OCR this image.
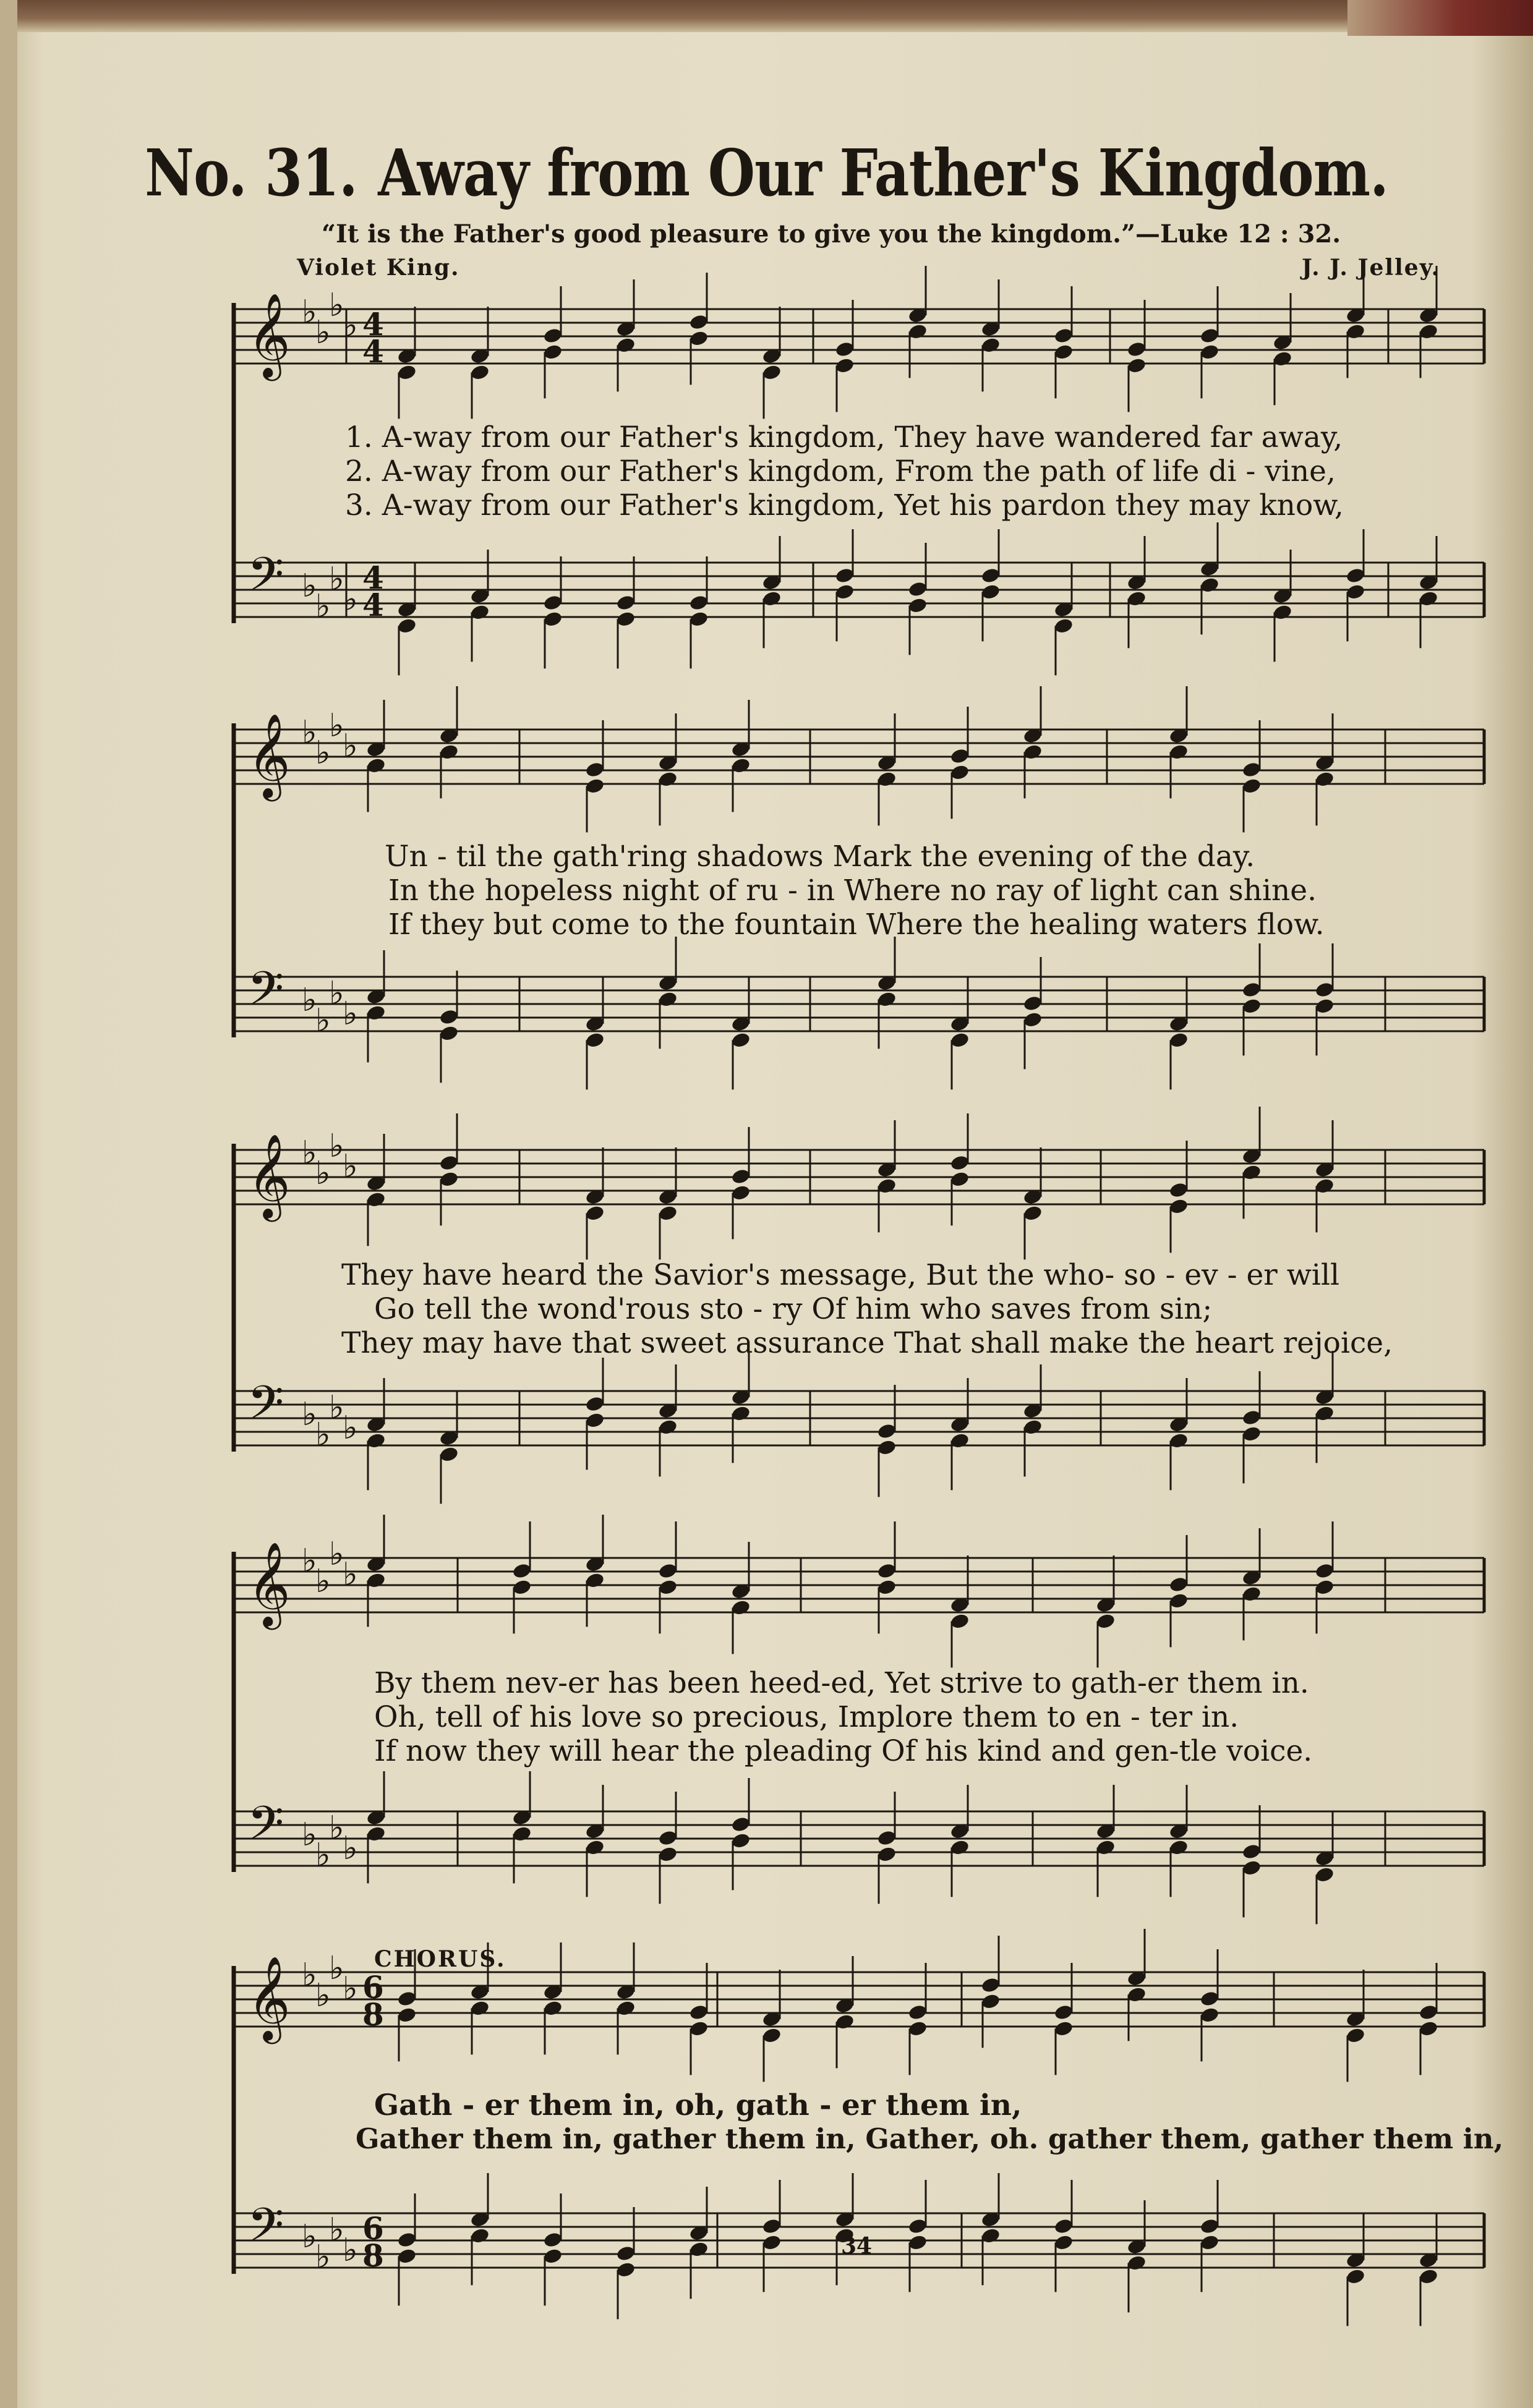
No. 31. Away from Our Father's Kingdom.
“It is the Father's good pleasure to give you the kingdom.”—Luke 12 : 32.
Violet King.	J. J. Jelley.
𝄞 ♭
♭
♭
♭ 4
4
𝄢 ♭
♭
♭
♭
4
4
𝄞 ♭
♭
♭
♭
𝄢 ♭
♭
♭
♭
𝄞 ♭
♭
♭
♭
𝄢 ♭
♭
♭
♭
𝄞 ♭
♭
♭
♭
𝄢 ♭
♭
♭
♭
𝄞 ♭
♭
♭
♭ 6
8
𝄢 ♭
♭
♭
♭
6
8
1. A-way from our Father's kingdom, They have wandered far away,
2. A-way from our Father's kingdom, From the path of life di - vine,
3. A-way from our Father's kingdom, Yet his pardon they may know,
Un - til the gath'ring shadows Mark the evening of the day.
In the hopeless night of ru - in Where no ray of light can shine.
If they but come to the fountain Where the healing waters flow.
They have heard the Savior's message, But the who- so - ev - er will
Go tell the wond'rous sto - ry Of him who saves from sin;
They may have that sweet assurance That shall make the heart rejoice,
By them nev-er has been heed-ed, Yet strive to gath-er them in.
Oh, tell of his love so precious, Implore them to en - ter in.
If now they will hear the pleading Of his kind and gen-tle voice.
CHORUS.
Gath - er them in, oh, gath - er them in,
Gather them in, gather them in, Gather, oh. gather them, gather them in,
34
